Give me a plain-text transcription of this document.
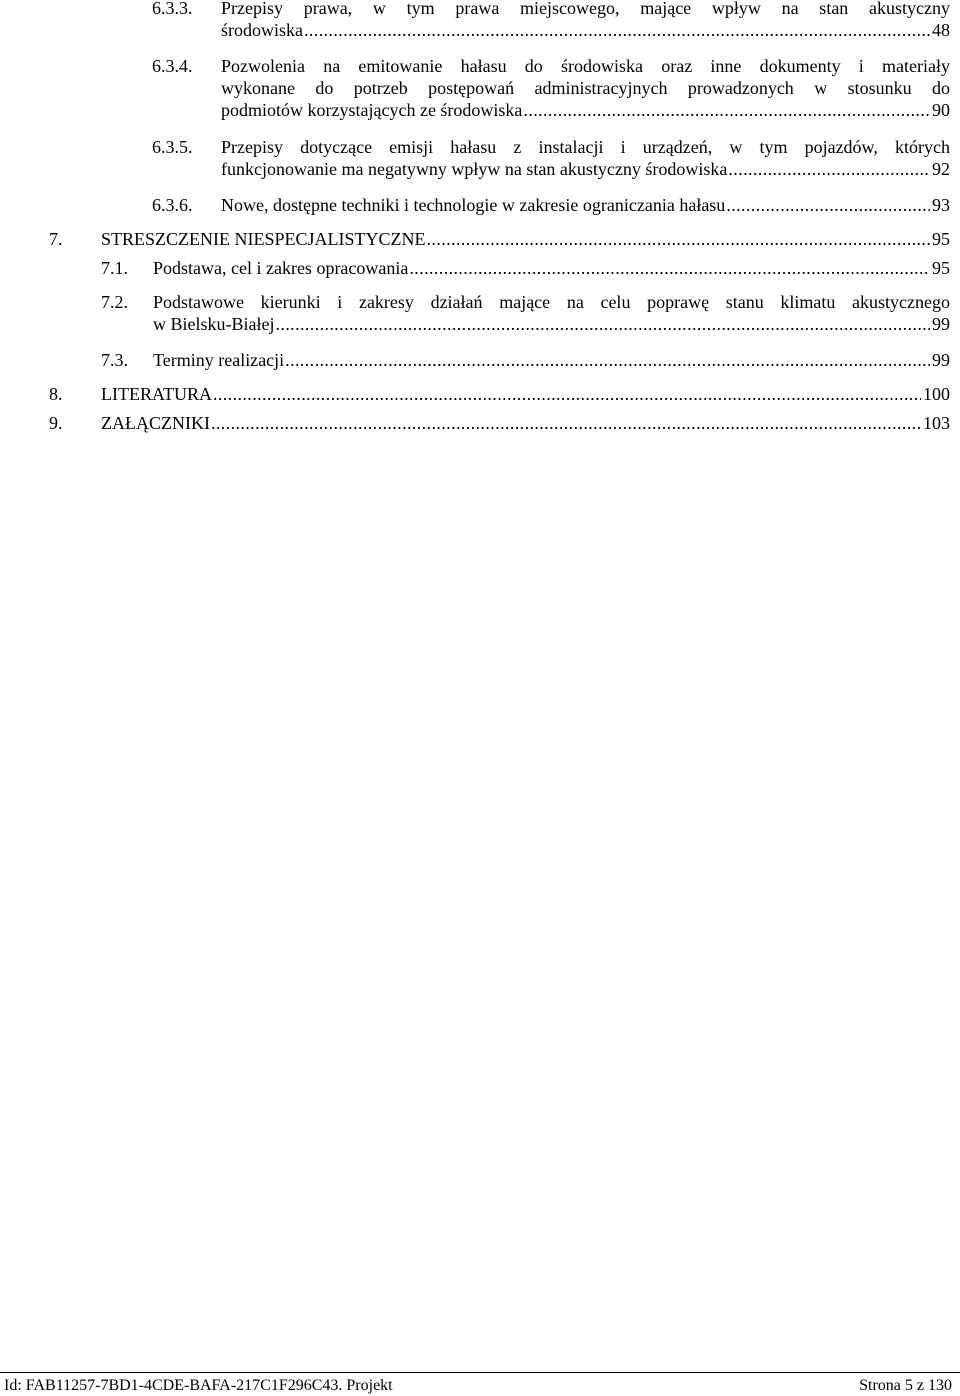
6.3.3. Przepisy prawa, w tym prawa miejscowego, mające wpływ na stan akustyczny
środowiska .....	48
6.3.4. Pozwolenia na emitowanie hałasu do środowiska oraz inne dokumenty i materiały
wykonane do potrzeb postępowań administracyjnych prowadzonych w stosunku do
podmiotów korzystających ze środowiska .....	90
6.3.5. Przepisy dotyczące emisji hałasu z instalacji i urządzeń, w tym pojazdów, których
funkcjonowanie ma negatywny wpływ na stan akustyczny środowiska .....	92
6.3.6. Nowe, dostępne techniki i technologie w zakresie ograniczania hałasu .....	93
7. STRESZCZENIE NIESPECJALISTYCZNE .....	95
7.1. Podstawa, cel i zakres opracowania .....	95
7.2. Podstawowe kierunki i zakresy działań mające na celu poprawę stanu klimatu akustycznego
w Bielsku-Białej .....	99
7.3. Terminy realizacji .....	99
8. LITERATURA .....	100
9. ZAŁĄCZNIKI .....	103
Id: FAB11257-7BD1-4CDE-BAFA-217C1F296C43. Projekt	Strona 5 z 130
